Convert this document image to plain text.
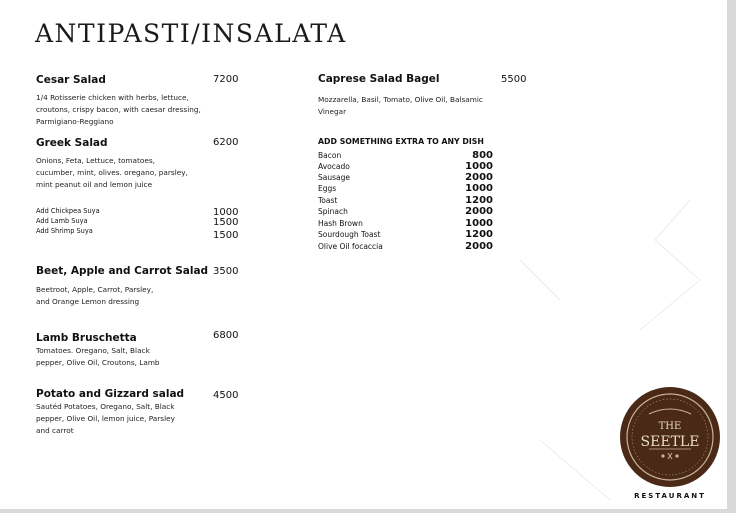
ANTIPASTI/INSALATA
Cesar Salad	7200
1/4 Rotisserie chicken with herbs, lettuce, croutons, crispy bacon, with caesar dressing, Parmigiano-Reggiano
Greek Salad	6200
Onions, Feta, Lettuce, tomatoes, cucumber, mint, olives. oregano, parsley, mint peanut oil and lemon juice
Add Chickpea Suya	1000
Add Lamb Suya	1500
Add Shrimp Suya	1500
Beet, Apple and Carrot Salad 3500
Beetroot, Apple, Carrot, Parsley, and Orange Lemon dressing
Lamb Bruschetta	6800
Tomatoes. Oregano, Salt, Black pepper, Olive Oil, Croutons, Lamb
Potato and Gizzard salad	4500
Sautéd Potatoes, Oregano, Salt, Black pepper, Olive Oil, lemon juice, Parsley and carrot
Caprese Salad Bagel	5500
Mozzarella, Basil, Tomato, Olive Oil, Balsamic Vinegar
ADD SOMETHING EXTRA TO ANY DISH
Bacon	800
Avocado	1000
Sausage	2000
Eggs	1000
Toast	1200
Spinach	2000
Hash Brown	1000
Sourdough Toast	1200
Olive Oil focaccia	2000
THE
SEETLE
RESTAURANT
